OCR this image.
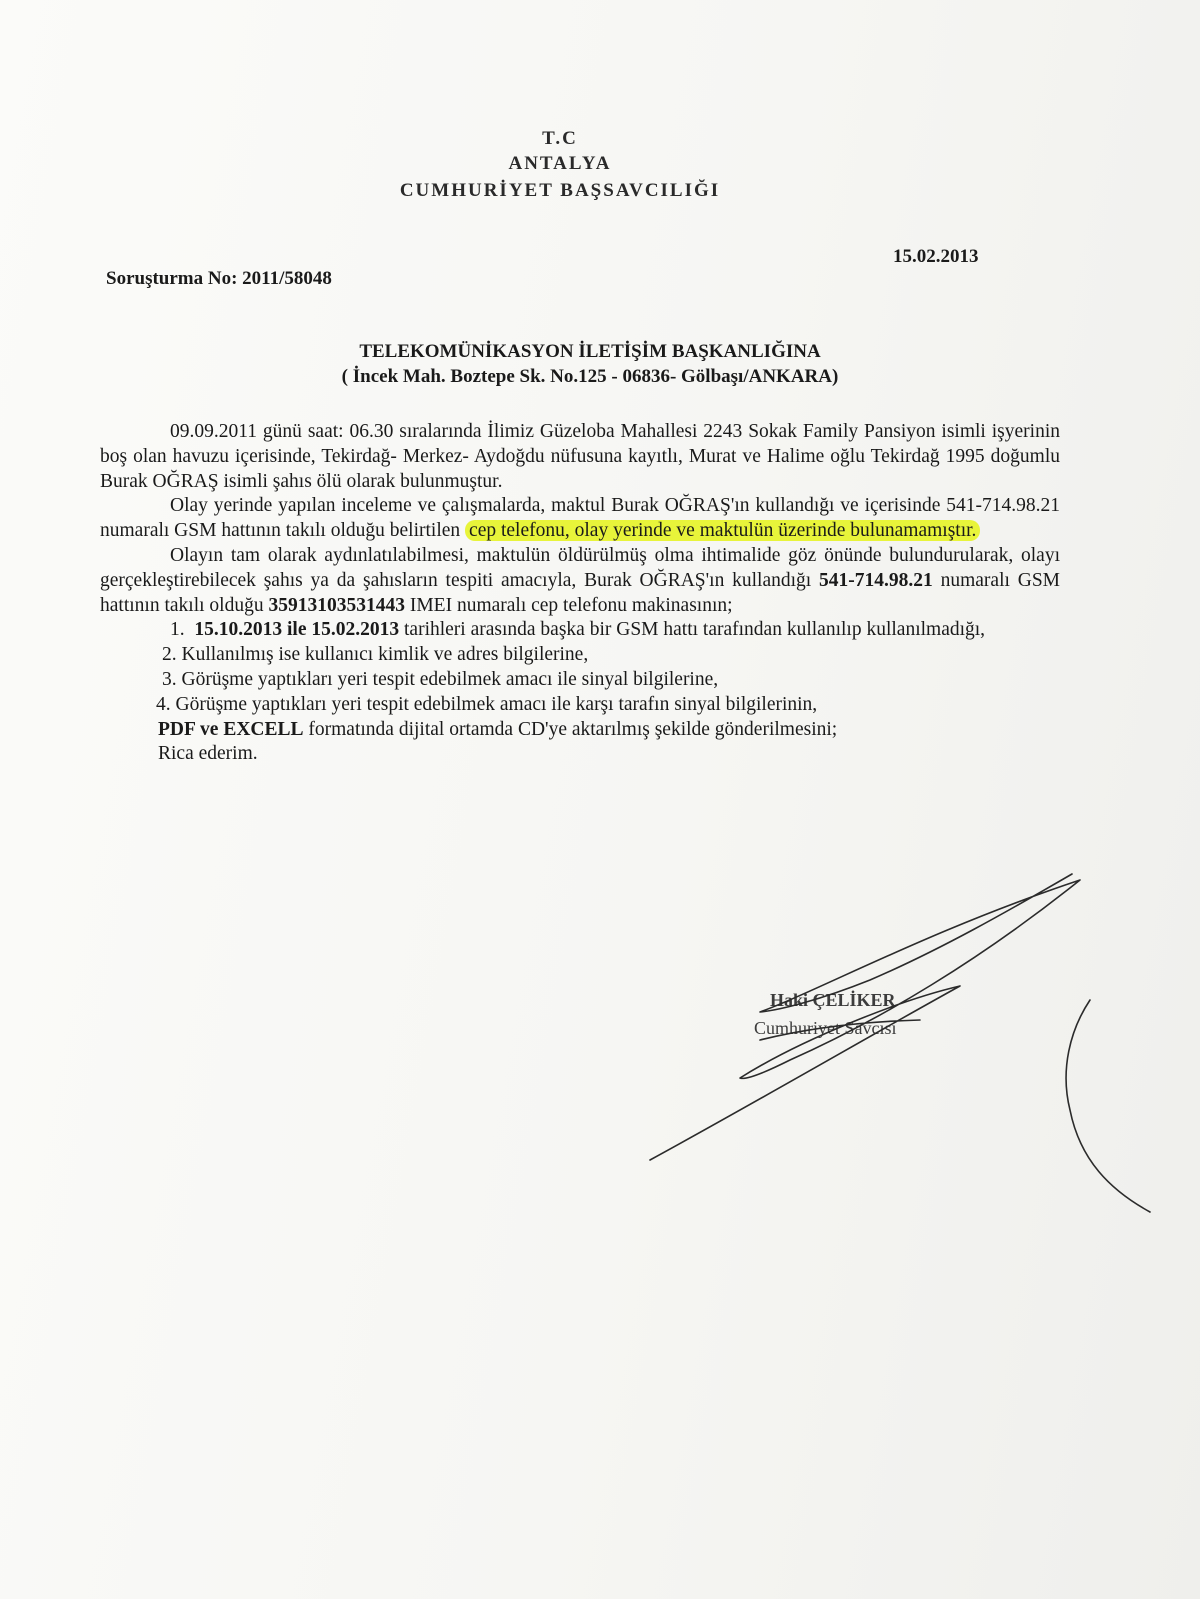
T.C
ANTALYA
CUMHURİYET BAŞSAVCILIĞI
Soruşturma No: 2011/58048
15.02.2013
TELEKOMÜNİKASYON İLETİŞİM BAŞKANLIĞINA
( İncek Mah. Boztepe Sk. No.125 - 06836- Gölbaşı/ANKARA)

09.09.2011 günü saat: 06.30 sıralarında İlimiz Güzeloba Mahallesi 2243 Sokak Family Pansiyon isimli işyerinin boş olan havuzu içerisinde, Tekirdağ- Merkez- Aydoğdu nüfusuna kayıtlı, Murat ve Halime oğlu Tekirdağ 1995 doğumlu Burak OĞRAŞ isimli şahıs ölü olarak bulunmuştur.

Olay yerinde yapılan inceleme ve çalışmalarda, maktul Burak OĞRAŞ'ın kullandığı ve içerisinde 541-714.98.21 numaralı GSM hattının takılı olduğu belirtilen cep telefonu, olay yerinde ve maktulün üzerinde bulunamamıştır.

Olayın tam olarak aydınlatılabilmesi, maktulün öldürülmüş olma ihtimalide göz önünde bulundurularak, olayı gerçekleştirebilecek şahıs ya da şahısların tespiti amacıyla, Burak OĞRAŞ'ın kullandığı 541-714.98.21 numaralı GSM hattının takılı olduğu 35913103531443 IMEI numaralı cep telefonu makinasının;

1. 15.10.2013 ile 15.02.2013 tarihleri arasında başka bir GSM hattı tarafından kullanılıp kullanılmadığı,

2. Kullanılmış ise kullanıcı kimlik ve adres bilgilerine,

3. Görüşme yaptıkları yeri tespit edebilmek amacı ile sinyal bilgilerine,

4. Görüşme yaptıkları yeri tespit edebilmek amacı ile karşı tarafın sinyal bilgilerinin,

PDF ve EXCELL formatında dijital ortamda CD'ye aktarılmış şekilde gönderilmesini;

Rica ederim.

Haki ÇELİKER
Cumhuriyet Savcısı
